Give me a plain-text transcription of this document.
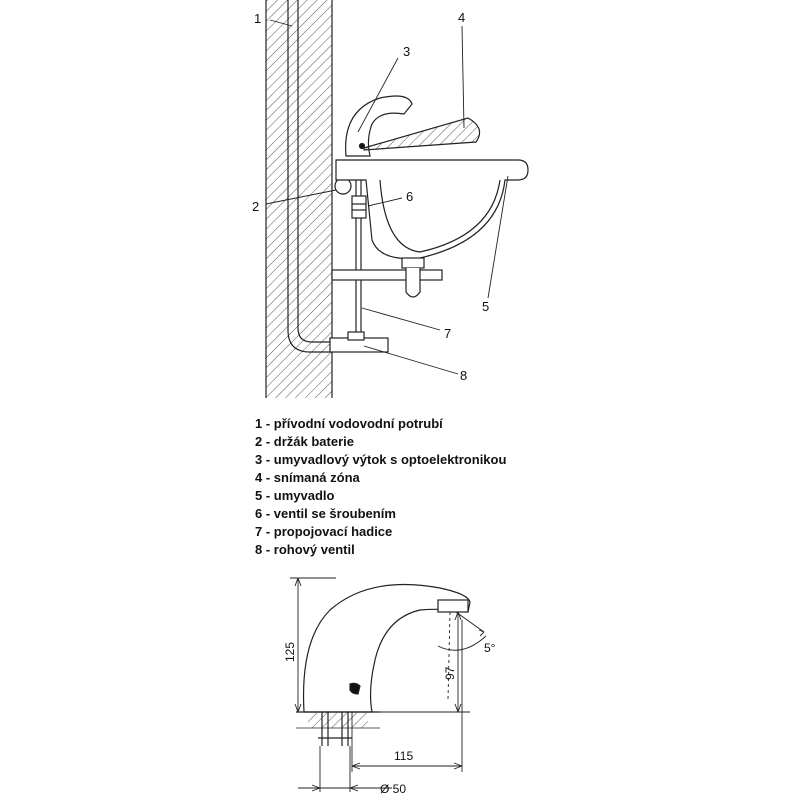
1
2
3
4
5
6
7
8
125
97
115
Ø 50
5°
1 - přívodní vodovodní potrubí
2 - držák baterie
3 - umyvadlový výtok s optoelektronikou
4 - snímaná zóna
5 - umyvadlo
6 - ventil se šroubením
7 - propojovací hadice
8 - rohový ventil
